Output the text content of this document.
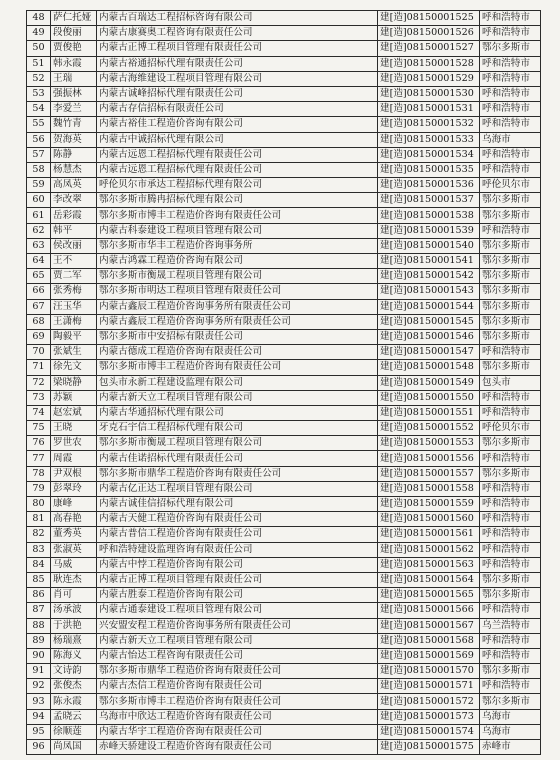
48	萨仁托娅	内蒙古百瑞达工程招标咨询有限公司	建[造]08150001525	呼和浩特市
49	段俊丽	内蒙古康赛奥工程咨询有限责任公司	建[造]08150001526	呼和浩特市
50	贾俊艳	内蒙古正博工程项目管理有限责任公司	建[造]08150001527	鄂尔多斯市
51	韩永霞	内蒙古裕通招标代理有限责任公司	建[造]08150001528	呼和浩特市
52	王瑞	内蒙古海维建设工程项目管理有限公司	建[造]08150001529	呼和浩特市
53	强振林	内蒙古诚峰招标代理有限责任公司	建[造]08150001530	呼和浩特市
54	李爱兰	内蒙古存信招标有限责任公司	建[造]08150001531	呼和浩特市
55	魏竹青	内蒙古裕佳工程造价咨询有限公司	建[造]08150001532	呼和浩特市
56	贺海英	内蒙古中诚招标代理有限公司	建[造]08150001533	乌海市
57	陈静	内蒙古远恩工程招标代理有限责任公司	建[造]08150001534	呼和浩特市
58	杨慧杰	内蒙古远恩工程招标代理有限责任公司	建[造]08150001535	呼和浩特市
59	高凤英	呼伦贝尔市承达工程招标代理有限公司	建[造]08150001536	呼伦贝尔市
60	李改翠	鄂尔多斯市腾冉招标代理有限公司	建[造]08150001537	鄂尔多斯市
61	岳彩霞	鄂尔多斯市博丰工程造价咨询有限责任公司	建[造]08150001538	鄂尔多斯市
62	韩平	内蒙古科泰建设工程项目管理有限公司	建[造]08150001539	呼和浩特市
63	侯改丽	鄂尔多斯市华丰工程造价咨询事务所	建[造]08150001540	鄂尔多斯市
64	王不	内蒙古鸿霖工程造价咨询有限公司	建[造]08150001541	鄂尔多斯市
65	贾二军	鄂尔多斯市衡晟工程项目管理有限公司	建[造]08150001542	鄂尔多斯市
66	张秀梅	鄂尔多斯市明达工程项目管理有限责任公司	建[造]08150001543	鄂尔多斯市
67	汪玉华	内蒙古鑫辰工程造价咨询事务所有限责任公司	建[造]08150001544	鄂尔多斯市
68	王潇梅	内蒙古鑫辰工程造价咨询事务所有限责任公司	建[造]08150001545	鄂尔多斯市
69	陶毅平	鄂尔多斯市中安招标有限责任公司	建[造]08150001546	鄂尔多斯市
70	张斌生	内蒙古德成工程造价咨询有限责任公司	建[造]08150001547	呼和浩特市
71	徐先文	鄂尔多斯市博丰工程造价咨询有限责任公司	建[造]08150001548	鄂尔多斯市
72	梁晓静	包头市永新工程建设监理有限公司	建[造]08150001549	包头市
73	苏颖	内蒙古新天立工程项目管理有限公司	建[造]08150001550	呼和浩特市
74	赵宏斌	内蒙古华通招标代理有限公司	建[造]08150001551	呼和浩特市
75	王晓	牙克石宇信工程招标代理有限公司	建[造]08150001552	呼伦贝尔市
76	罗世农	鄂尔多斯市衡晟工程项目管理有限公司	建[造]08150001553	鄂尔多斯市
77	周霞	内蒙古佳诺招标代理有限责任公司	建[造]08150001556	呼和浩特市
78	尹双根	鄂尔多斯市鼎华工程造价咨询有限责任公司	建[造]08150001557	鄂尔多斯市
79	彭翠玲	内蒙古亿正达工程项目管理有限公司	建[造]08150001558	呼和浩特市
80	康峰	内蒙古诚佳信招标代理有限公司	建[造]08150001559	呼和浩特市
81	高春艳	内蒙古天健工程造价咨询有限责任公司	建[造]08150001560	呼和浩特市
82	董秀英	内蒙古普信工程造价咨询有限责任公司	建[造]08150001561	呼和浩特市
83	张淑英	呼和浩特建设监理咨询有限责任公司	建[造]08150001562	呼和浩特市
84	马威	内蒙古中悖工程造价咨询有限公司	建[造]08150001563	呼和浩特市
85	耿连杰	内蒙古正博工程项目管理有限责任公司	建[造]08150001564	鄂尔多斯市
86	肖可	内蒙古胜泰工程造价咨询有限公司	建[造]08150001565	鄂尔多斯市
87	汤承波	内蒙古通泰建设工程项目管理有限公司	建[造]08150001566	呼和浩特市
88	于洪艳	兴安盟安程工程造价咨询事务所有限责任公司	建[造]08150001567	乌兰浩特市
89	杨瑞熹	内蒙古新天立工程项目管理有限公司	建[造]08150001568	呼和浩特市
90	陈海义	内蒙古怡达工程咨询有限责任公司	建[造]08150001569	呼和浩特市
91	文诗韵	鄂尔多斯市鼎华工程造价咨询有限责任公司	建[造]08150001570	鄂尔多斯市
92	张俊杰	内蒙古杰信工程造价咨询有限责任公司	建[造]08150001571	呼和浩特市
93	陈永霞	鄂尔多斯市博丰工程造价咨询有限责任公司	建[造]08150001572	鄂尔多斯市
94	孟晓云	乌海市中欣达工程造价咨询有限责任公司	建[造]08150001573	乌海市
95	徐顺莲	内蒙古华宇工程造价咨询有限责任公司	建[造]08150001574	乌海市
96	尚凤国	赤峰天骄建设工程造价咨询有限责任公司	建[造]08150001575	赤峰市
